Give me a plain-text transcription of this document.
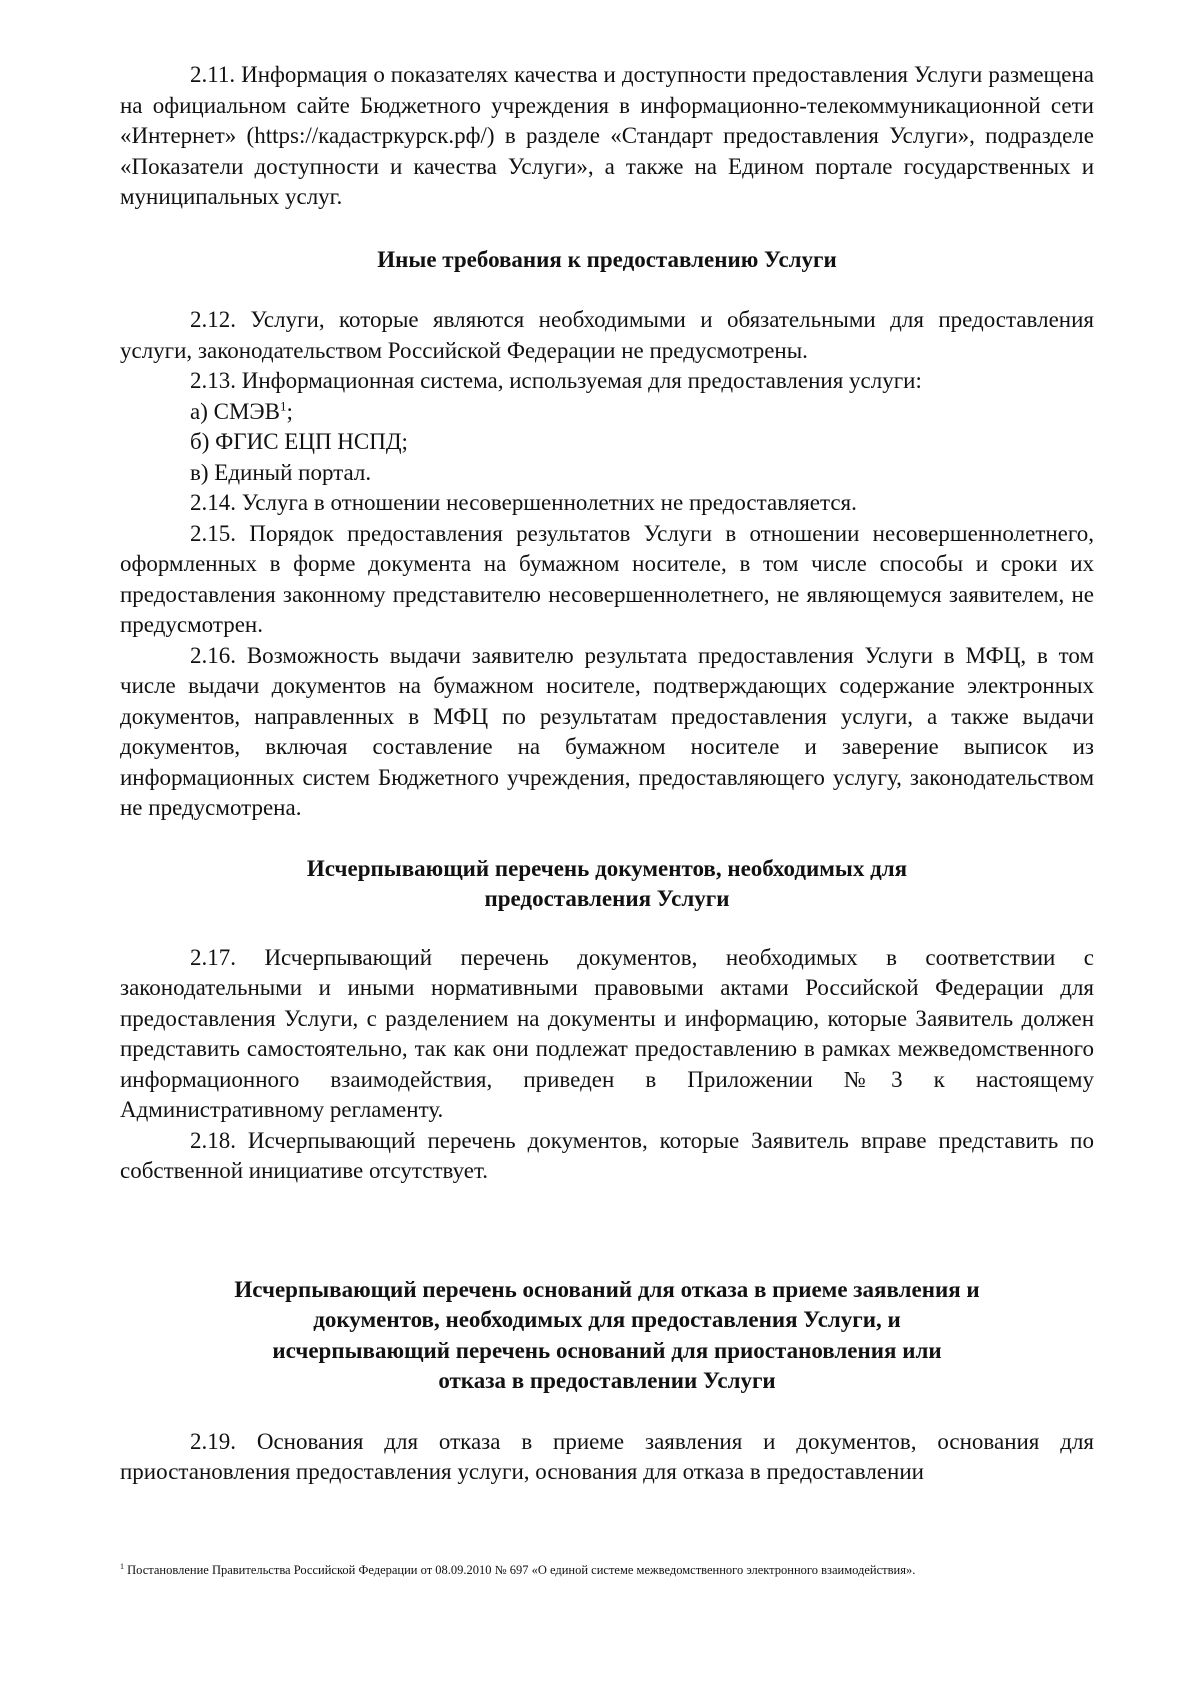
2.11. Информация о показателях качества и доступности предоставления Услуги размещена на официальном сайте Бюджетного учреждения в информационно-телекоммуникационной сети «Интернет» (https://кадастркурск.рф/) в разделе «Стандарт предоставления Услуги», подразделе «Показатели доступности и качества Услуги», а также на Едином портале государственных и муниципальных услуг.

Иные требования к предоставлению Услуги

2.12. Услуги, которые являются необходимыми и обязательными для предоставления услуги, законодательством Российской Федерации не предусмотрены.

2.13. Информационная система, используемая для предоставления услуги:

а) СМЭВ$^1$;

б) ФГИС ЕЦП НСПД;

в) Единый портал.

2.14. Услуга в отношении несовершеннолетних не предоставляется.

2.15. Порядок предоставления результатов Услуги в отношении несовершеннолетнего, оформленных в форме документа на бумажном носителе, в том числе способы и сроки их предоставления законному представителю несовершеннолетнего, не являющемуся заявителем, не предусмотрен.

2.16. Возможность выдачи заявителю результата предоставления Услуги в МФЦ, в том числе выдачи документов на бумажном носителе, подтверждающих содержание электронных документов, направленных в МФЦ по результатам предоставления услуги, а также выдачи документов, включая составление на бумажном носителе и заверение выписок из информационных систем Бюджетного учреждения, предоставляющего услугу, законодательством не предусмотрена.

Исчерпывающий перечень документов, необходимых для
предоставления Услуги

2.17. Исчерпывающий перечень документов, необходимых в соответствии с законодательными и иными нормативными правовыми актами Российской Федерации для предоставления Услуги, с разделением на документы и информацию, которые Заявитель должен представить самостоятельно, так как они подлежат предоставлению в рамках межведомственного информационного взаимодействия, приведен в Приложении №3 к настоящему Административному регламенту.

2.18. Исчерпывающий перечень документов, которые Заявитель вправе представить по собственной инициативе отсутствует.

Исчерпывающий перечень оснований для отказа в приеме заявления и
документов, необходимых для предоставления Услуги, и
исчерпывающий перечень оснований для приостановления или
отказа в предоставлении Услуги

2.19. Основания для отказа в приеме заявления и документов, основания для приостановления предоставления услуги, основания для отказа в предоставлении

$^1$ Постановление Правительства Российской Федерации от 08.09.2010 № 697 «О единой системе межведомственного электронного взаимодействия».
